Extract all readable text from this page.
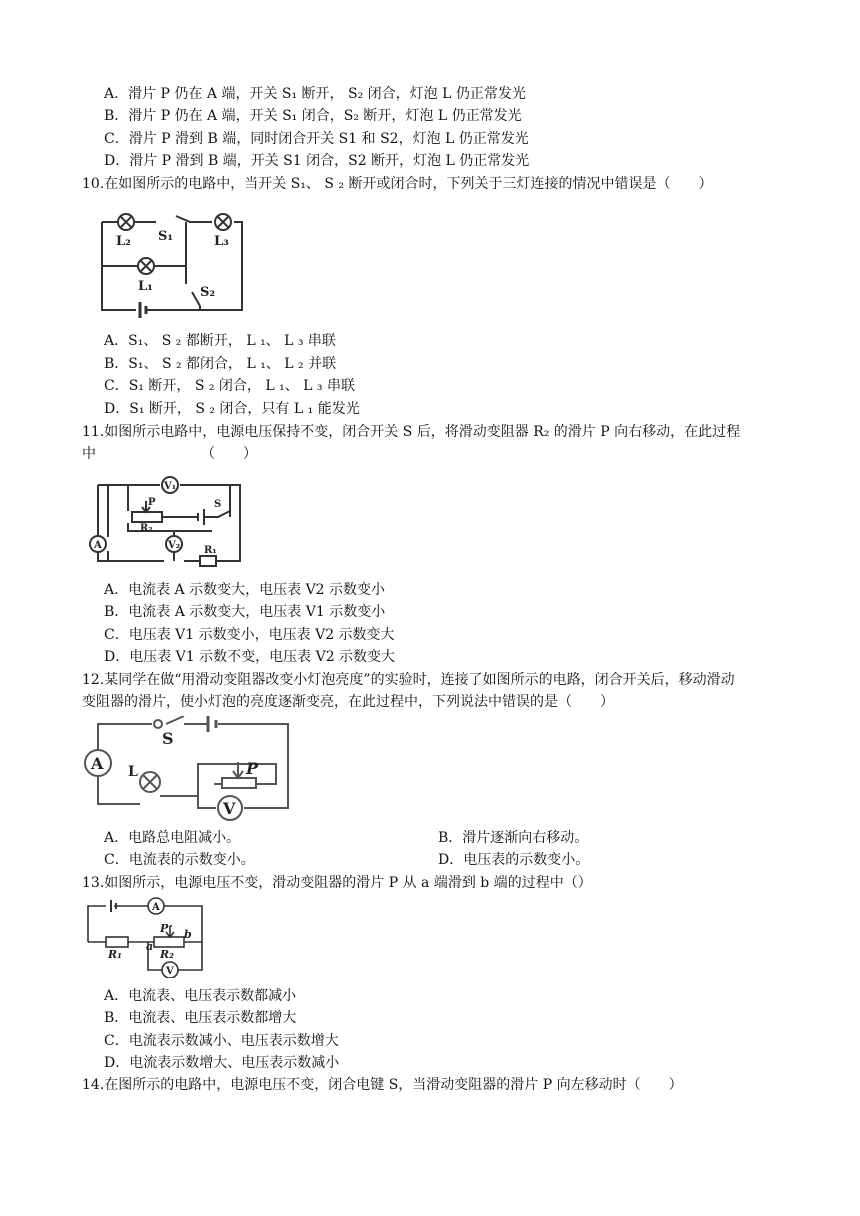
A．滑片 P 仍在 A 端，开关 S₁ 断开， S₂ 闭合，灯泡 L 仍正常发光
B．滑片 P 仍在 A 端，开关 S₁ 闭合，S₂ 断开，灯泡 L 仍正常发光
C．滑片 P 滑到 B 端，同时闭合开关 S1 和 S2，灯泡 L 仍正常发光
D．滑片 P 滑到 B 端，开关 S1 闭合，S2 断开，灯泡 L 仍正常发光
10.在如图所示的电路中，当开关 S₁、 S ₂ 断开或闭合时，下列关于三灯连接的情况中错误是（　　）
L₂ S₁	L₃
L₁	S₂
A．S₁、 S ₂ 都断开， L ₁、 L ₃ 串联
B．S₁、 S ₂ 都闭合， L ₁、 L ₂ 并联
C．S₁ 断开， S ₂ 闭合， L ₁、 L ₃ 串联
D．S₁ 断开， S ₂ 闭合，只有 L ₁ 能发光
11.如图所示电路中，电源电压保持不变，闭合开关 S 后，将滑动变阻器 R₂ 的滑片 P 向右移动，在此过程
中　　　　　　　　（　　）
V₁
P
R₂
S
A	V₂ R₁
A．电流表 A 示数变大，电压表 V2 示数变小
B．电流表 A 示数变大，电压表 V1 示数变小
C．电压表 V1 示数变小，电压表 V2 示数变大
D．电压表 V1 示数不变，电压表 V2 示数变大
12.某同学在做“用滑动变阻器改变小灯泡亮度”的实验时，连接了如图所示的电路，闭合开关后，移动滑动
变阻器的滑片，使小灯泡的亮度逐渐变亮，在此过程中，下列说法中错误的是（　　）
A
S
L	P
V
A．电路总电阻减小。	B．滑片逐渐向右移动。
C．电流表的示数变小。	D．电压表的示数变小。
13.如图所示，电源电压不变，滑动变阻器的滑片 P 从 a 端滑到 b 端的过程中（）
A
P
R₁
a
R₂
b
V
A．电流表、电压表示数都减小
B．电流表、电压表示数都增大
C．电流表示数减小、电压表示数增大
D．电流表示数增大、电压表示数减小
14.在图所示的电路中，电源电压不变，闭合电键 S，当滑动变阻器的滑片 P 向左移动时（　　）
